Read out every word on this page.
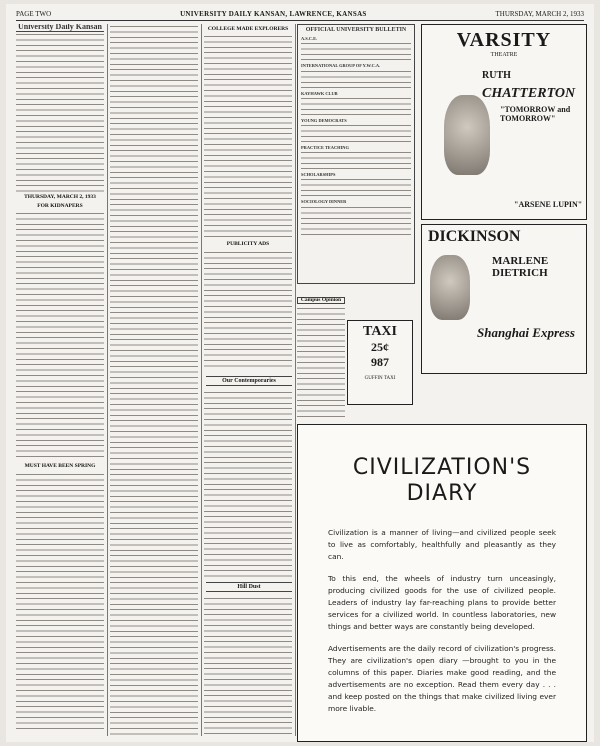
PAGE TWO	UNIVERSITY DAILY KANSAN, LAWRENCE, KANSAS	THURSDAY, MARCH 2, 1933
University Daily Kansan
THURSDAY, MARCH 2, 1933
FOR KIDNAPERS
MUST HAVE BEEN SPRING
COLLEGE MADE EXPLORERS
PUBLICITY ADS
Our Contemporaries
Hill Dust
OFFICIAL UNIVERSITY BULLETIN
A.S.C.E.
INTERNATIONAL GROUP OF Y.W.C.A.
KAYHAWK CLUB
YOUNG DEMOCRATS
PRACTICE TEACHING
SCHOLARSHIPS
SOCIOLOGY DINNER
Campus Opinion
TAXI
25¢
987
GUFFIN TAXI
VARSITY
THEATRE
RUTH
CHATTERTON
"TOMORROW and TOMORROW"
"ARSENE LUPIN"
DICKINSON
MARLENE DIETRICH
Shanghai Express
CIVILIZATION'S
DIARY

Civilization is a manner of living—and civilized people seek to live as comfortably, healthfully and pleasantly as they can.

To this end, the wheels of industry turn unceasingly, producing civilized goods for the use of civilized people. Leaders of industry lay far-reaching plans to provide better services for a civilized world. In countless laboratories, new things and better ways are constantly being developed.

Advertisements are the daily record of civilization's progress. They are civilization's open diary —brought to you in the columns of this paper. Diaries make good reading, and the advertisements are no exception. Read them every day . . . and keep posted on the things that make civilized living ever more livable.
